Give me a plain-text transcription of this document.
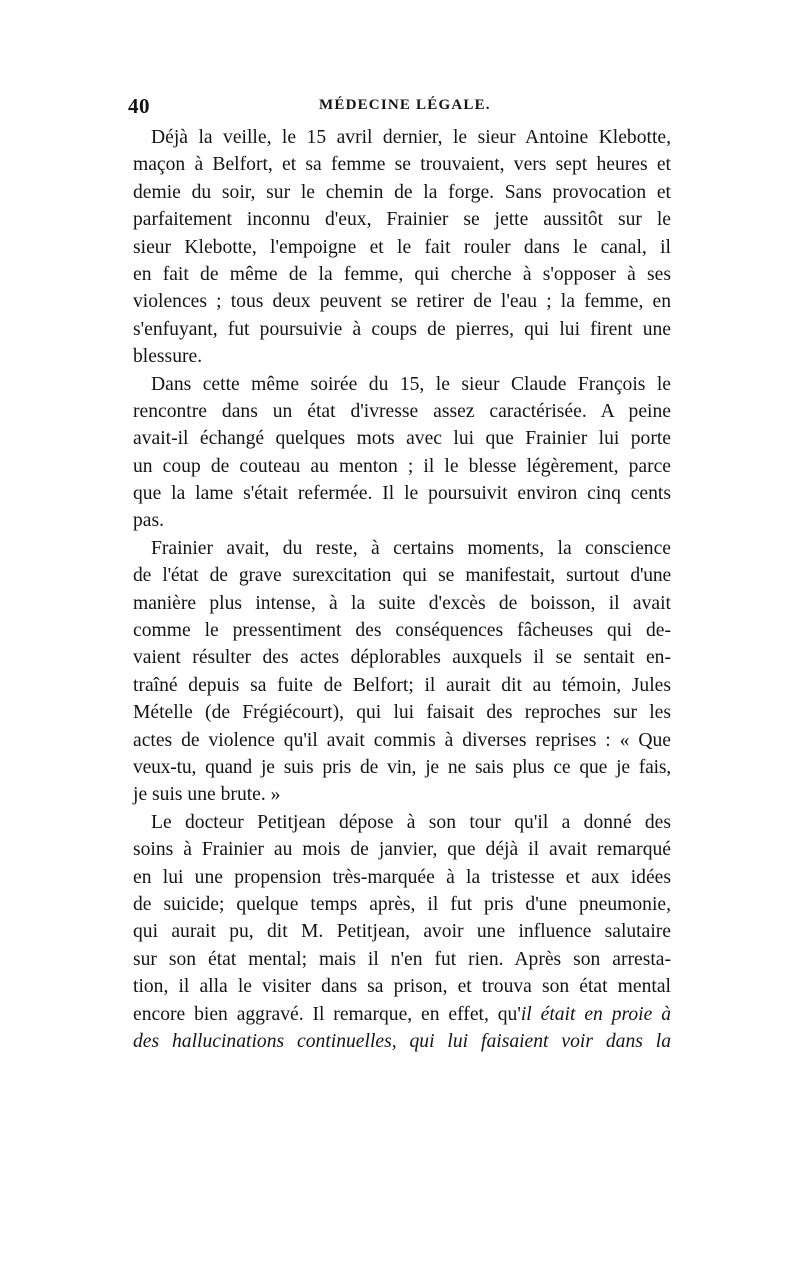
40	MÉDECINE LÉGALE.
Déjà la veille, le 15 avril dernier, le sieur Antoine Klebotte,
maçon à Belfort, et sa femme se trouvaient, vers sept heures et
demie du soir, sur le chemin de la forge. Sans provocation et
parfaitement inconnu d'eux, Frainier se jette aussitôt sur le
sieur Klebotte, l'empoigne et le fait rouler dans le canal, il
en fait de même de la femme, qui cherche à s'opposer à ses
violences ; tous deux peuvent se retirer de l'eau ; la femme, en
s'enfuyant, fut poursuivie à coups de pierres, qui lui firent une
blessure.
Dans cette même soirée du 15, le sieur Claude François le
rencontre dans un état d'ivresse assez caractérisée. A peine
avait-il échangé quelques mots avec lui que Frainier lui porte
un coup de couteau au menton ; il le blesse légèrement, parce
que la lame s'était refermée. Il le poursuivit environ cinq cents
pas.
Frainier avait, du reste, à certains moments, la conscience
de l'état de grave surexcitation qui se manifestait, surtout d'une
manière plus intense, à la suite d'excès de boisson, il avait
comme le pressentiment des conséquences fâcheuses qui de-
vaient résulter des actes déplorables auxquels il se sentait en-
traîné depuis sa fuite de Belfort; il aurait dit au témoin, Jules
Mételle (de Frégiécourt), qui lui faisait des reproches sur les
actes de violence qu'il avait commis à diverses reprises : « Que
veux-tu, quand je suis pris de vin, je ne sais plus ce que je fais,
je suis une brute. »
Le docteur Petitjean dépose à son tour qu'il a donné des
soins à Frainier au mois de janvier, que déjà il avait remarqué
en lui une propension très-marquée à la tristesse et aux idées
de suicide; quelque temps après, il fut pris d'une pneumonie,
qui aurait pu, dit M. Petitjean, avoir une influence salutaire
sur son état mental; mais il n'en fut rien. Après son arresta-
tion, il alla le visiter dans sa prison, et trouva son état mental
encore bien aggravé. Il remarque, en effet, qu'il était en proie à
des hallucinations continuelles, qui lui faisaient voir dans la
